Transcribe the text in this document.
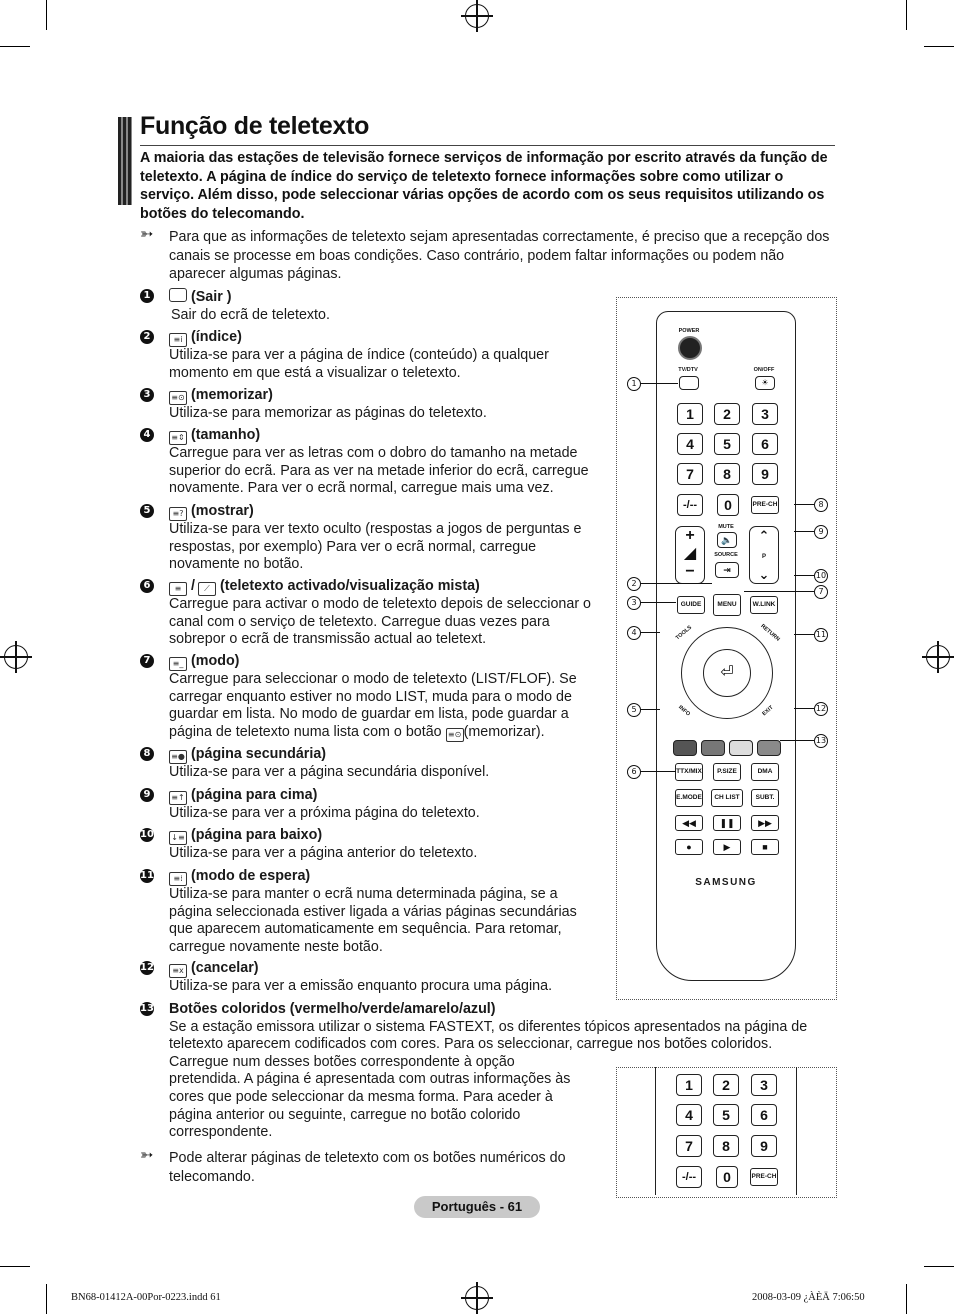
Função de teletexto
A maioria das estações de televisão fornece serviços de informação por escrito através da função de teletexto. A página de índice do serviço de teletexto fornece informações sobre como utilizar o serviço. Além disso, pode seleccionar várias opções de acordo com os seus requisitos utilizando os botões do telecomando.
➳ Para que as informações de teletexto sejam apresentadas correctamente, é preciso que a recepção dos canais se processe em boas condições. Caso contrário, podem faltar informações ou podem não aparecer algumas páginas.
1	(Sair )
Sair do ecrã de teletexto.
2	≡i (índice)
Utiliza-se para ver a página de índice (conteúdo) a qualquer momento em que está a visualizar o teletexto.
3	≡⊙ (memorizar)
Utiliza-se para memorizar as páginas do teletexto.
4	≡⇕ (tamanho)
Carregue para ver as letras com o dobro do tamanho na metade superior do ecrã. Para as ver na metade inferior do ecrã, carregue novamente. Para ver o ecrã normal, carregue mais uma vez.
5	≡? (mostrar)
Utiliza-se para ver texto oculto (respostas a jogos de perguntas e respostas, por exemplo) Para ver o ecrã normal, carregue novamente no botão.
6	≡ / ⟋ (teletexto activado/visualização mista)
Carregue para activar o modo de teletexto depois de seleccionar o canal com o serviço de teletexto. Carregue duas vezes para sobrepor o ecrã de transmissão actual ao teletext.
7	≡_ (modo)
Carregue para seleccionar o modo de teletexto (LIST/FLOF). Se carregar enquanto estiver no modo LIST, muda para o modo de guardar em lista. No modo de guardar em lista, pode guardar a página de teletexto numa lista com o botão ≡⊙ (memorizar).
8	≡● (página secundária)
Utiliza-se para ver a página secundária disponível.
9	≡↑ (página para cima)
Utiliza-se para ver a próxima página do teletexto.
10 ↓≡ (página para baixo)
Utiliza-se para ver a página anterior do teletexto.
11	≡⁞ (modo de espera)
Utiliza-se para manter o ecrã numa determinada página, se a página seleccionada estiver ligada a várias páginas secundárias que aparecem automaticamente em sequência. Para retomar, carregue novamente neste botão.
12	≡x (cancelar)
Utiliza-se para ver a emissão enquanto procura uma página.
13 Botões coloridos (vermelho/verde/amarelo/azul)
Se a estação emissora utilizar o sistema FASTEXT, os diferentes tópicos apresentados na página de teletexto aparecem codificados com cores. Para os seleccionar, carregue nos botões coloridos.
Carregue num desses botões correspondente à opção pretendida. A página é apresentada com outras informações às cores que pode seleccionar da mesma forma. Para aceder à página anterior ou seguinte, carregue no botão colorido correspondente.
➳ Pode alterar páginas de teletexto com os botões numéricos do telecomando.
POWER
TV/DTV	ON/OFF
☀
1	2	3
4	5	6
7	8	9
-/--	0	PRE-CH
+
◢
−
MUTE
🔈
SOURCE
⇥
⌃
P
⌄
GUIDE	MENU	W.LINK
⏎
TOOLS	RETURN
INFO	EXIT
TTX/MIX	P.SIZE	DMA
E.MODE	CH LIST	SUBT.
◀◀	❚❚	▶▶
●	▶	■
SAMSUNG
1
2
3
4
5
6
7
8
9
10
11
12
13
1	2	3
4	5	6
7	8	9
-/--	0	PRE-CH
Português - 61
BN68-01412A-00Por-0223.indd 61	2008-03-09 ¿ÀÈÄ 7:06:50
